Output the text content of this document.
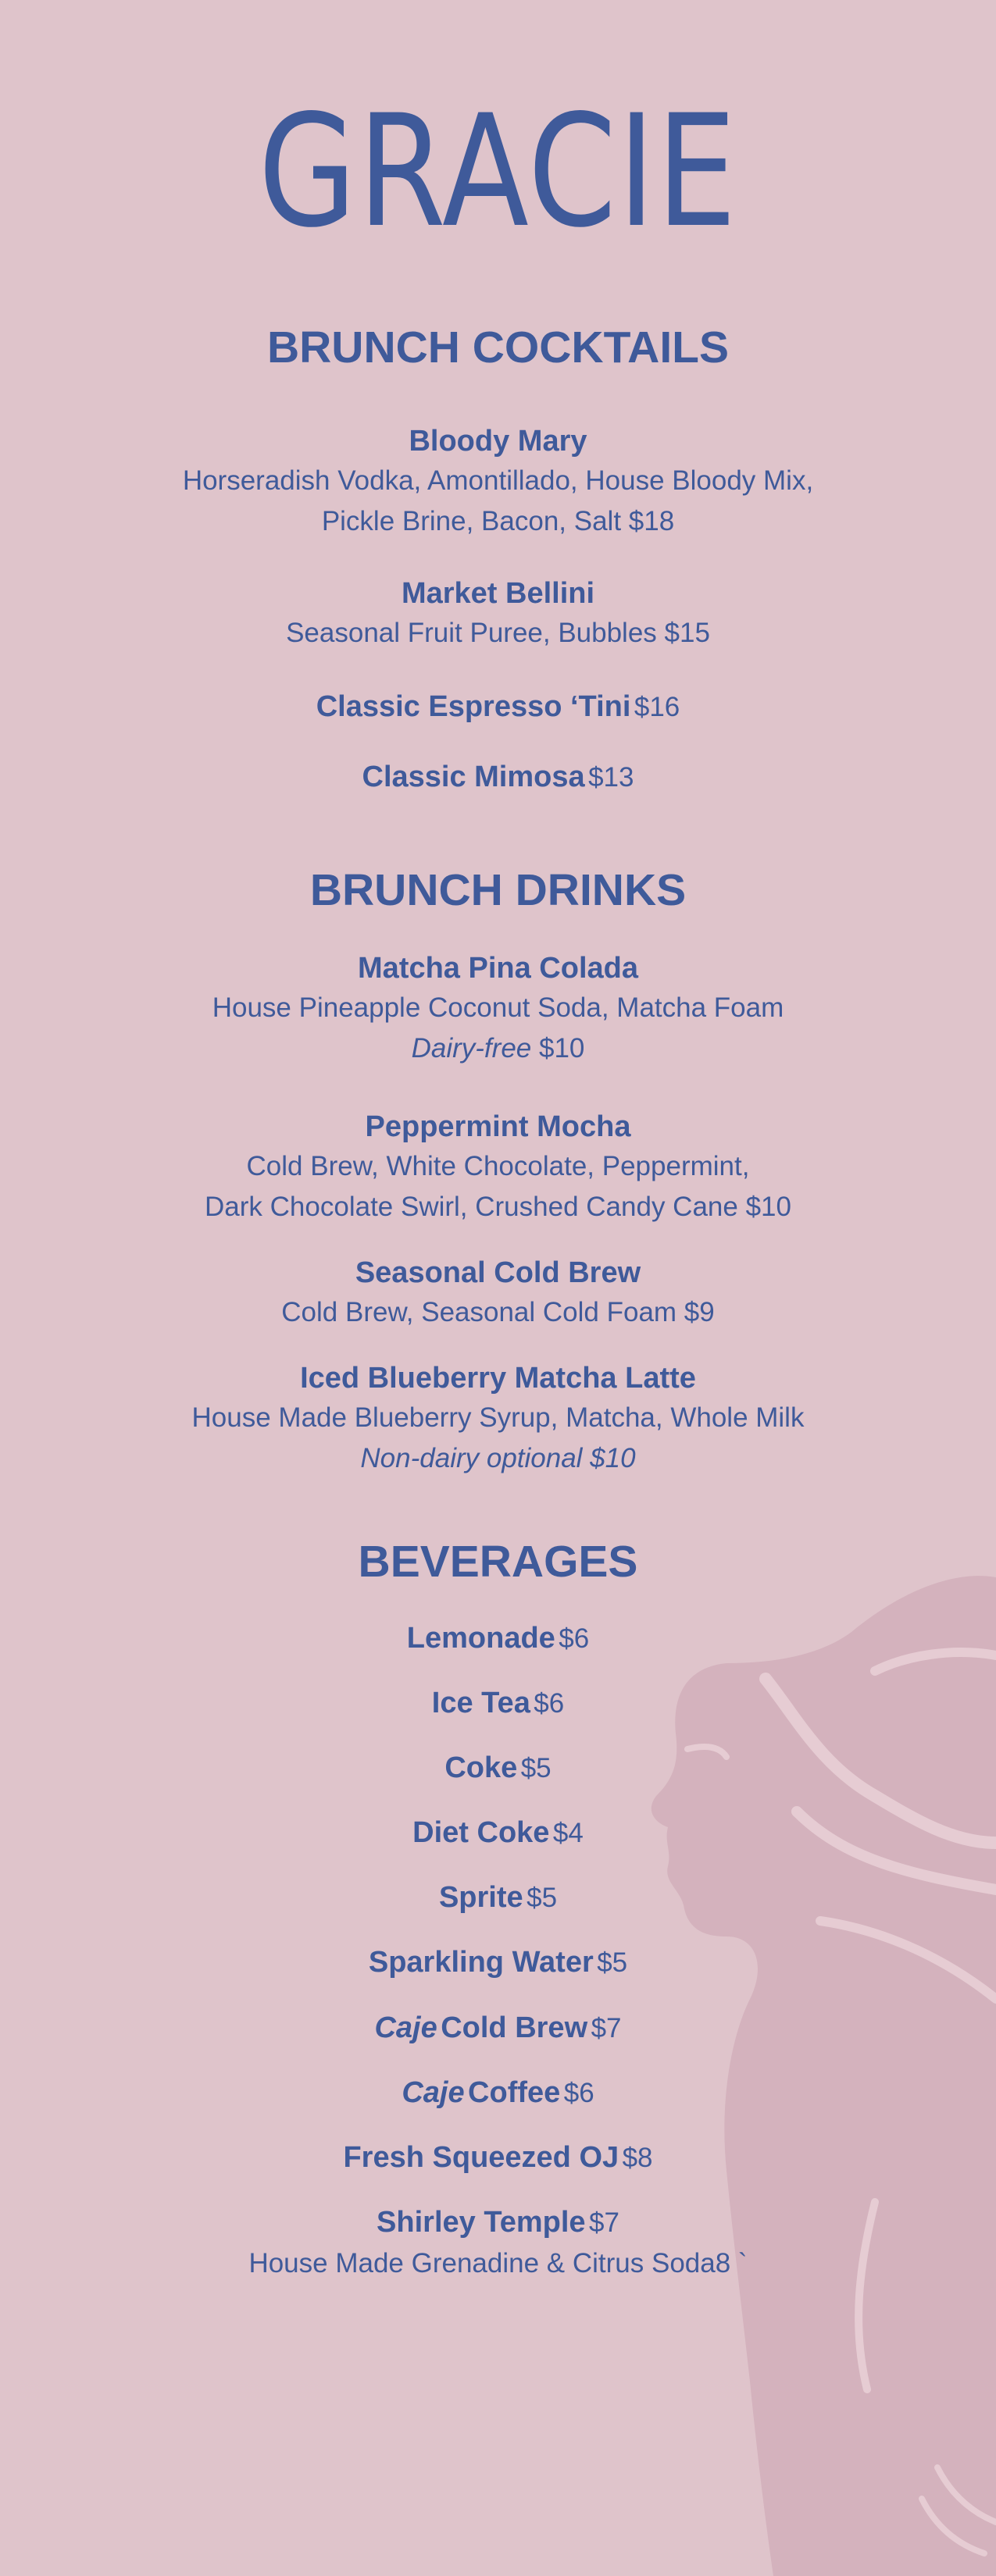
GRACIE
BRUNCH COCKTAILS
Bloody Mary
Horseradish Vodka, Amontillado, House Bloody Mix,
Pickle Brine, Bacon, Salt $18
Market Bellini
Seasonal Fruit Puree, Bubbles $15
Classic Espresso ‘Tini $16
Classic Mimosa $13
BRUNCH DRINKS
Matcha Pina Colada
House Pineapple Coconut Soda, Matcha Foam
Dairy-free $10
Peppermint Mocha
Cold Brew, White Chocolate, Peppermint,
Dark Chocolate Swirl, Crushed Candy Cane $10
Seasonal Cold Brew
Cold Brew, Seasonal Cold Foam $9
Iced Blueberry Matcha Latte
House Made Blueberry Syrup, Matcha, Whole Milk
Non-dairy optional $10
BEVERAGES
Lemonade $6
Ice Tea $6
Coke $5
Diet Coke $4
Sprite $5
Sparkling Water $5
Caje Cold Brew $7
Caje Coffee $6
Fresh Squeezed OJ $8
Shirley Temple $7
House Made Grenadine & Citrus Soda8 `
